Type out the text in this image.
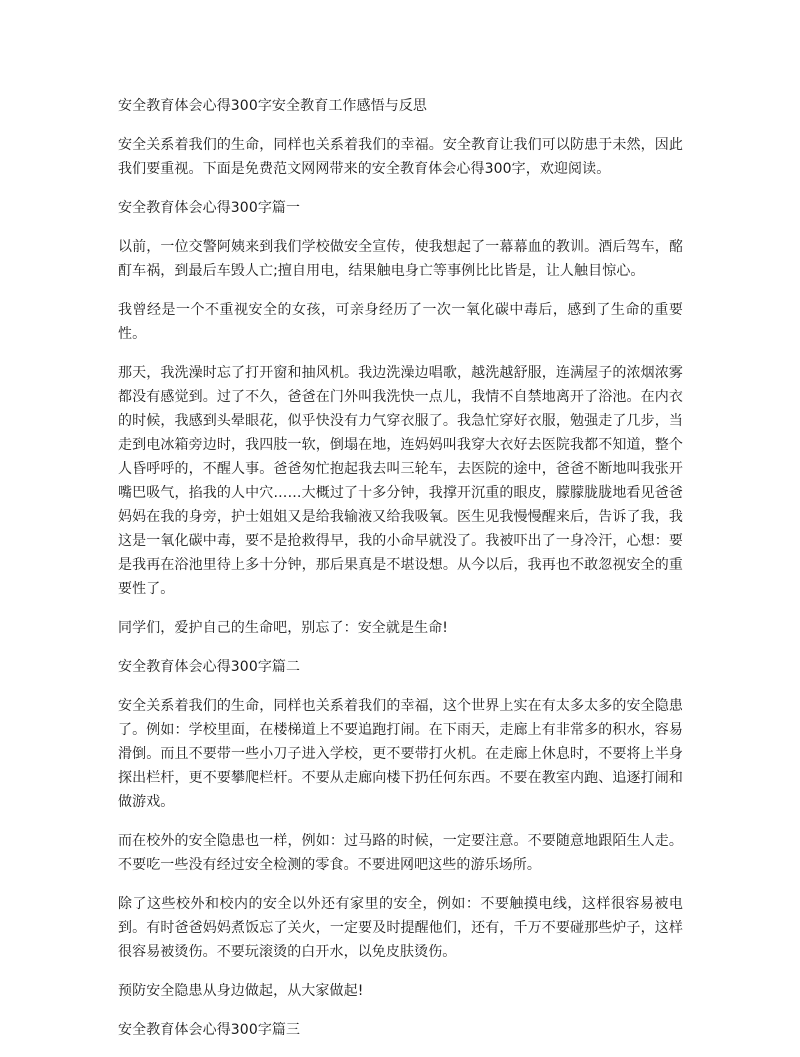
安全教育体会心得300字安全教育工作感悟与反思

安全关系着我们的生命，同样也关系着我们的幸福。安全教育让我们可以防患于未然，因此我们要重视。下面是免费范文网网带来的安全教育体会心得300字，欢迎阅读。

安全教育体会心得300字篇一

以前，一位交警阿姨来到我们学校做安全宣传，使我想起了一幕幕血的教训。酒后驾车，酩酊车祸，到最后车毁人亡;擅自用电，结果触电身亡等事例比比皆是，让人触目惊心。

我曾经是一个不重视安全的女孩，可亲身经历了一次一氧化碳中毒后，感到了生命的重要性。

那天，我洗澡时忘了打开窗和抽风机。我边洗澡边唱歌，越洗越舒服，连满屋子的浓烟浓雾都没有感觉到。过了不久，爸爸在门外叫我洗快一点儿，我情不自禁地离开了浴池。在内衣的时候，我感到头晕眼花，似乎快没有力气穿衣服了。我急忙穿好衣服，勉强走了几步，当走到电冰箱旁边时，我四肢一软，倒塌在地，连妈妈叫我穿大衣好去医院我都不知道，整个人昏呼呼的，不醒人事。爸爸匆忙抱起我去叫三轮车，去医院的途中，爸爸不断地叫我张开嘴巴吸气，掐我的人中穴……大概过了十多分钟，我撑开沉重的眼皮，朦朦胧胧地看见爸爸妈妈在我的身旁，护士姐姐又是给我输液又给我吸氧。医生见我慢慢醒来后，告诉了我，我这是一氧化碳中毒，要不是抢救得早，我的小命早就没了。我被吓出了一身冷汗，心想：要是我再在浴池里待上多十分钟，那后果真是不堪设想。从今以后，我再也不敢忽视安全的重要性了。

同学们，爱护自己的生命吧，别忘了：安全就是生命!

安全教育体会心得300字篇二

安全关系着我们的生命，同样也关系着我们的幸福，这个世界上实在有太多太多的安全隐患了。例如：学校里面，在楼梯道上不要追跑打闹。在下雨天，走廊上有非常多的积水，容易滑倒。而且不要带一些小刀子进入学校，更不要带打火机。在走廊上休息时，不要将上半身探出栏杆，更不要攀爬栏杆。不要从走廊向楼下扔任何东西。不要在教室内跑、追逐打闹和做游戏。

而在校外的安全隐患也一样，例如：过马路的时候，一定要注意。不要随意地跟陌生人走。不要吃一些没有经过安全检测的零食。不要进网吧这些的游乐场所。

除了这些校外和校内的安全以外还有家里的安全，例如：不要触摸电线，这样很容易被电到。有时爸爸妈妈煮饭忘了关火，一定要及时提醒他们，还有，千万不要碰那些炉子，这样很容易被烫伤。不要玩滚烫的白开水，以免皮肤烫伤。

预防安全隐患从身边做起，从大家做起!

安全教育体会心得300字篇三
